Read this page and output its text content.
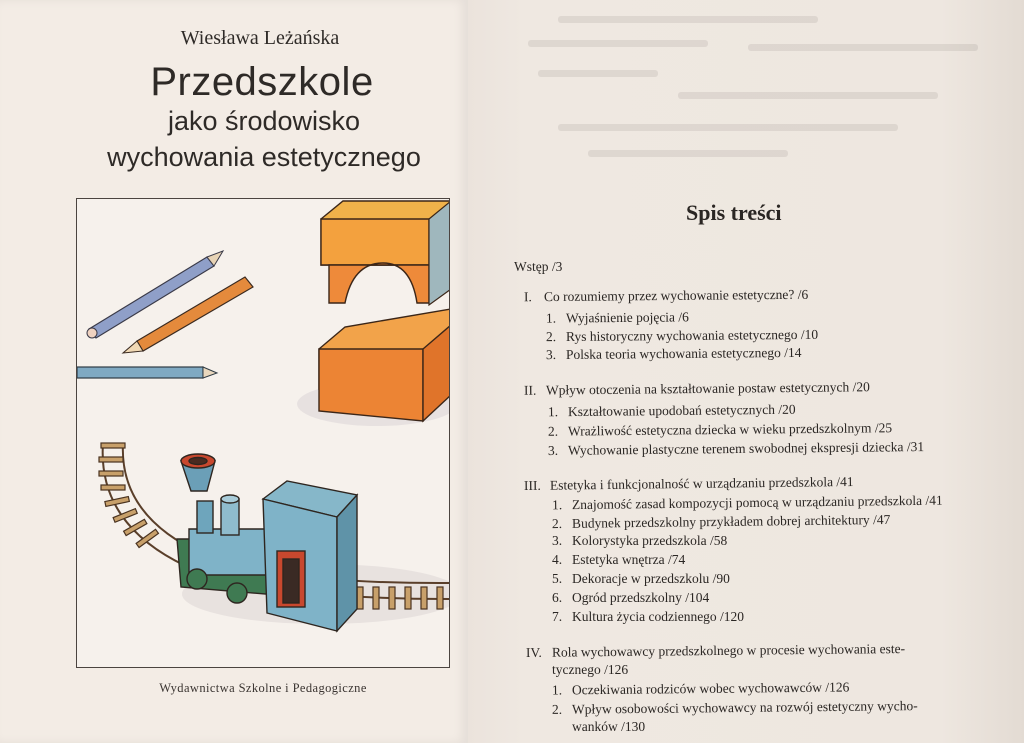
Wiesława Leżańska
Przedszkole
jako środowisko
wychowania estetycznego
Wydawnictwa Szkolne i Pedagogiczne
Spis treści
Wstęp /3
I. Co rozumiemy przez wychowanie estetyczne? /6
1. Wyjaśnienie pojęcia /6
2. Rys historyczny wychowania estetycznego /10
3. Polska teoria wychowania estetycznego /14
II. Wpływ otoczenia na kształtowanie postaw estetycznych /20
1. Kształtowanie upodobań estetycznych /20
2. Wrażliwość estetyczna dziecka w wieku przedszkolnym /25
3. Wychowanie plastyczne terenem swobodnej ekspresji dziecka /31
III. Estetyka i funkcjonalność w urządzaniu przedszkola /41
1. Znajomość zasad kompozycji pomocą w urządzaniu przedszkola /41
2. Budynek przedszkolny przykładem dobrej architektury /47
3. Kolorystyka przedszkola /58
4. Estetyka wnętrza /74
5. Dekoracje w przedszkolu /90
6. Ogród przedszkolny /104
7. Kultura życia codziennego /120
IV. Rola wychowawcy przedszkolnego w procesie wychowania este-
tycznego /126
1. Oczekiwania rodziców wobec wychowawców /126
2. Wpływ osobowości wychowawcy na rozwój estetyczny wycho-
wanków /130
